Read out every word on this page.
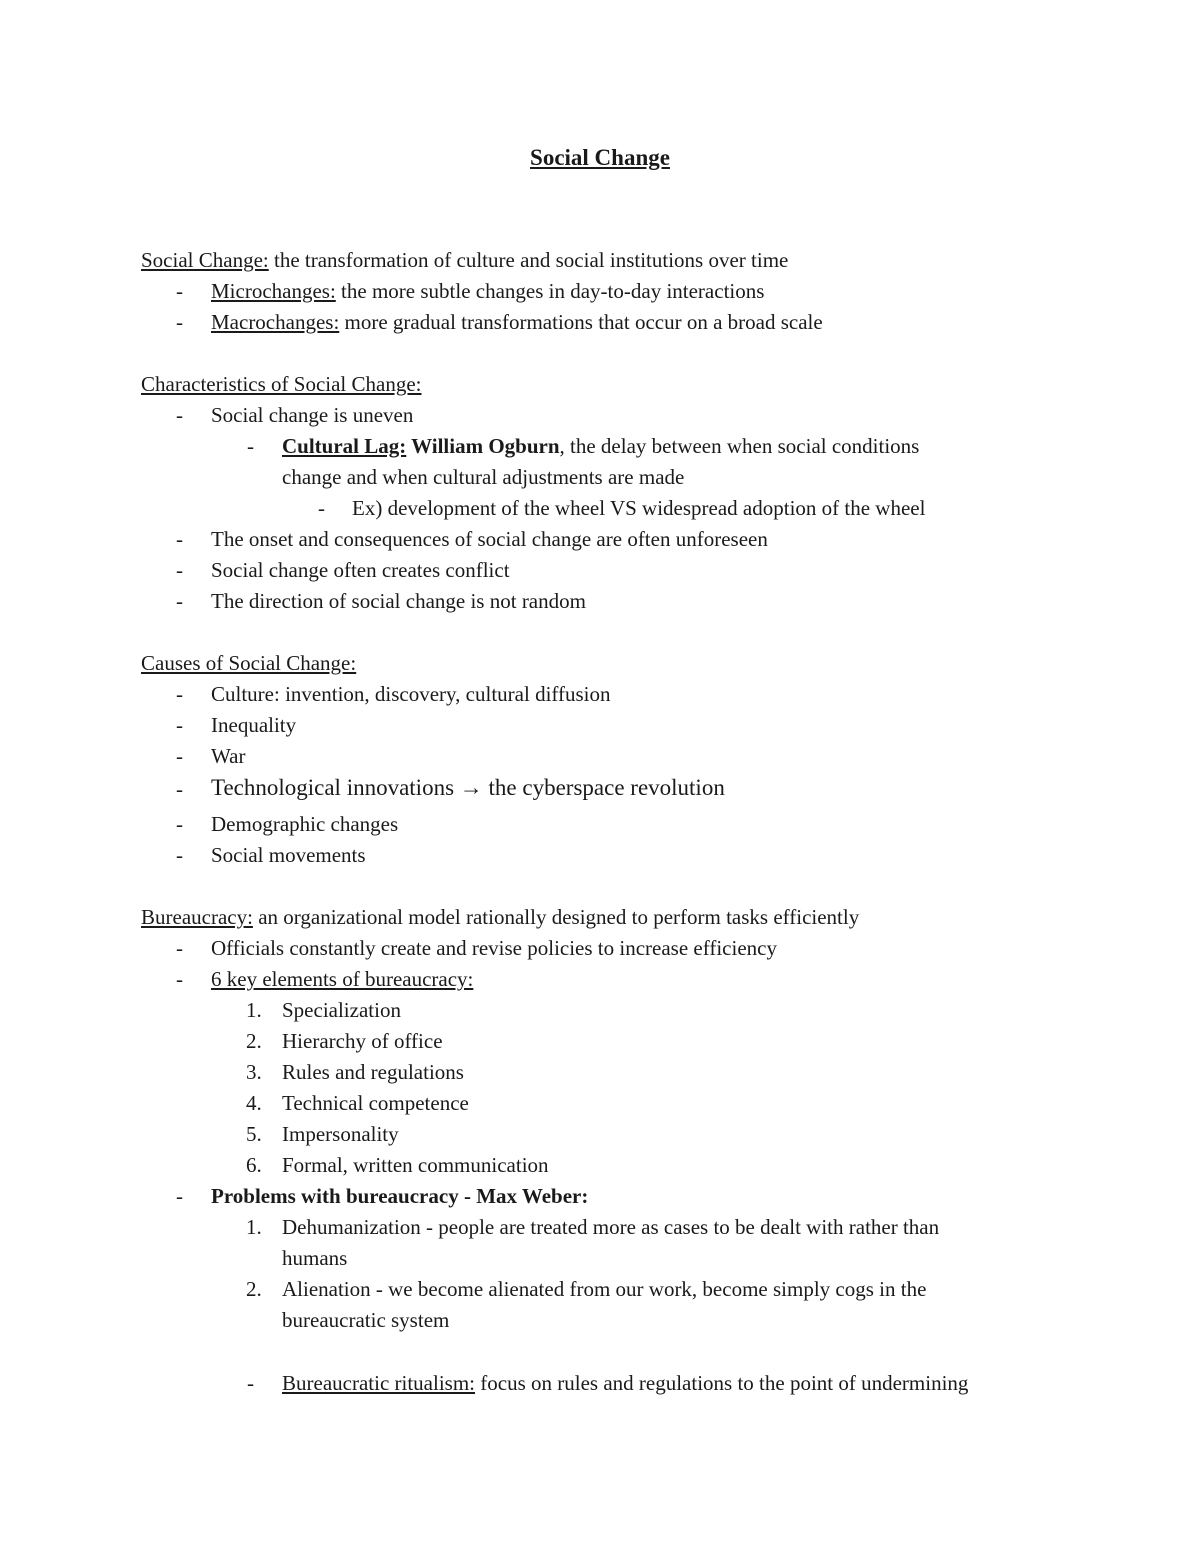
Social Change
Social Change: the transformation of culture and social institutions over time
- Microchanges: the more subtle changes in day-to-day interactions
- Macrochanges: more gradual transformations that occur on a broad scale
Characteristics of Social Change:
- Social change is uneven
- Cultural Lag: William Ogburn, the delay between when social conditions
change and when cultural adjustments are made
- Ex) development of the wheel VS widespread adoption of the wheel
- The onset and consequences of social change are often unforeseen
- Social change often creates conflict
- The direction of social change is not random
Causes of Social Change:
- Culture: invention, discovery, cultural diffusion
- Inequality
- War
- Technological innovations → the cyberspace revolution
- Demographic changes
- Social movements
Bureaucracy: an organizational model rationally designed to perform tasks efficiently
- Officials constantly create and revise policies to increase efficiency
- 6 key elements of bureaucracy:
1. Specialization
2. Hierarchy of office
3. Rules and regulations
4. Technical competence
5. Impersonality
6. Formal, written communication
- Problems with bureaucracy - Max Weber:
1. Dehumanization - people are treated more as cases to be dealt with rather than
humans
2. Alienation - we become alienated from our work, become simply cogs in the
bureaucratic system
- Bureaucratic ritualism: focus on rules and regulations to the point of undermining
